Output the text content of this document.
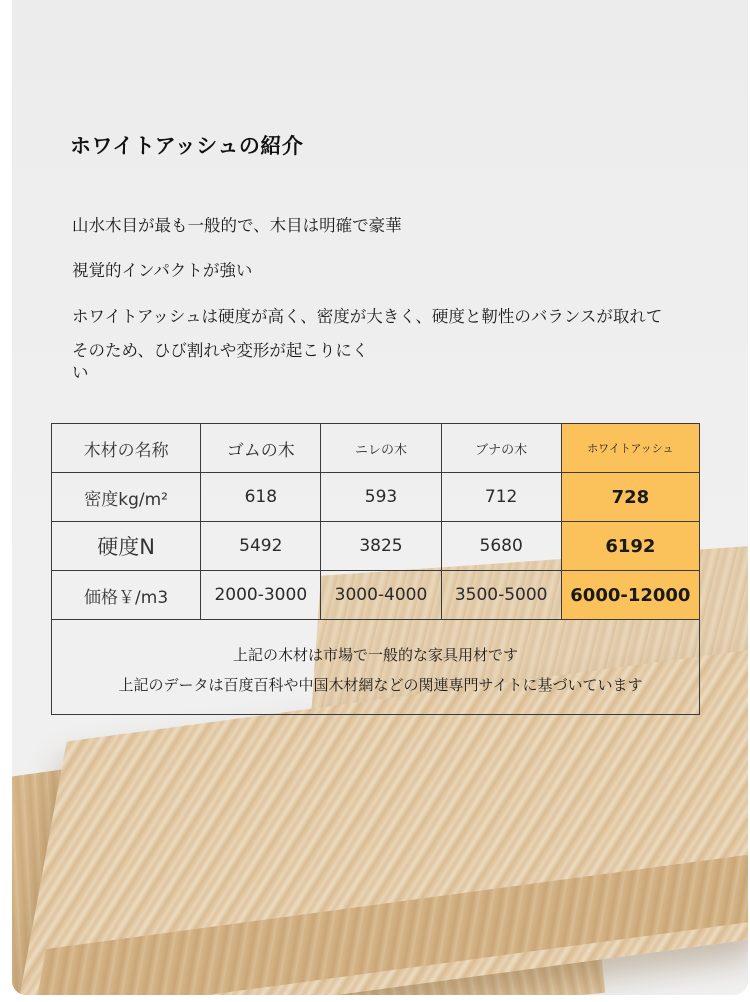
ホワイトアッシュの紹介
山水木目が最も一般的で、木目は明確で豪華
視覚的インパクトが強い
ホワイトアッシュは硬度が高く、密度が大きく、硬度と靭性のバランスが取れて
そのため、ひび割れや変形が起こりにくい
木材の名称	ゴムの木	ニレの木	ブナの木	ホワイトアッシュ
密度kg/m²	618	593	712	728
硬度N	5492	3825	5680	6192
価格￥/m3	2000-3000	3000-4000	3500-5000	6000-12000

上記の木材は市場で一般的な家具用材です
上記のデータは百度百科や中国木材網などの関連専門サイトに基づいています				
